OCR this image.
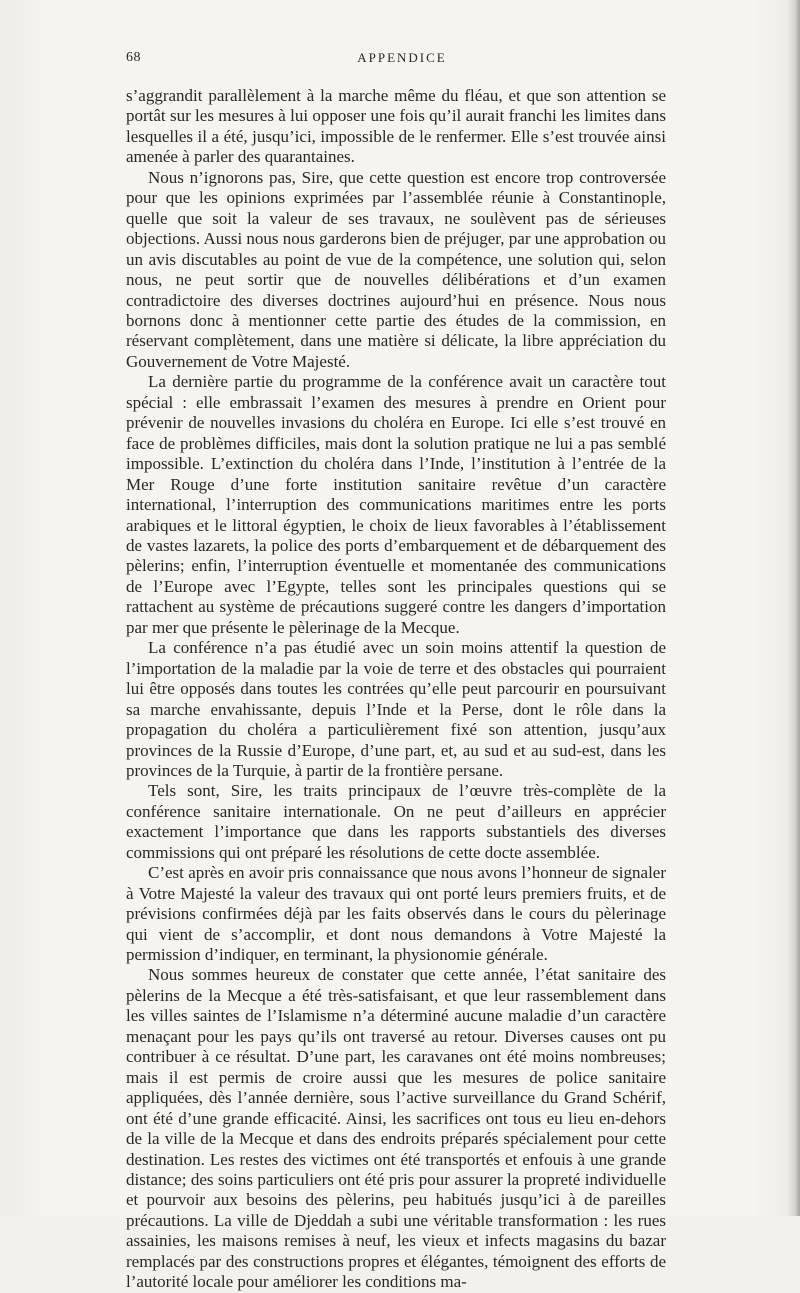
68	APPENDICE

s’aggrandit parallèlement à la marche même du fléau, et que son attention se portât sur les mesures à lui opposer une fois qu’il aurait franchi les limites dans lesquelles il a été, jusqu’ici, impossible de le renfermer. Elle s’est trouvée ainsi amenée à parler des quarantaines.

Nous n’ignorons pas, Sire, que cette question est encore trop controversée pour que les opinions exprimées par l’assemblée réunie à Constantinople, quelle que soit la valeur de ses travaux, ne soulèvent pas de sérieuses objections. Aussi nous nous garderons bien de préjuger, par une approbation ou un avis discutables au point de vue de la compétence, une solution qui, selon nous, ne peut sortir que de nouvelles délibérations et d’un examen contradictoire des diverses doctrines aujourd’hui en présence. Nous nous bornons donc à mentionner cette partie des études de la commission, en réservant complètement, dans une matière si délicate, la libre appréciation du Gouvernement de Votre Majesté.

La dernière partie du programme de la conférence avait un caractère tout spécial : elle embrassait l’examen des mesures à prendre en Orient pour prévenir de nouvelles invasions du choléra en Europe. Ici elle s’est trouvé en face de problèmes difficiles, mais dont la solution pratique ne lui a pas semblé impossible. L’extinction du choléra dans l’Inde, l’institution à l’entrée de la Mer Rouge d’une forte institution sanitaire revêtue d’un caractère international, l’interruption des communications maritimes entre les ports arabiques et le littoral égyptien, le choix de lieux favorables à l’établissement de vastes lazarets, la police des ports d’embarquement et de débarquement des pèlerins; enfin, l’interruption éventuelle et momentanée des communications de l’Europe avec l’Egypte, telles sont les principales questions qui se rattachent au système de précautions suggeré contre les dangers d’importation par mer que présente le pèlerinage de la Mecque.

La conférence n’a pas étudié avec un soin moins attentif la question de l’importation de la maladie par la voie de terre et des obstacles qui pourraient lui être opposés dans toutes les contrées qu’elle peut parcourir en poursuivant sa marche envahissante, depuis l’Inde et la Perse, dont le rôle dans la propagation du choléra a particulièrement fixé son attention, jusqu’aux provinces de la Russie d’Europe, d’une part, et, au sud et au sud-est, dans les provinces de la Turquie, à partir de la frontière persane.

Tels sont, Sire, les traits principaux de l’œuvre très-complète de la conférence sanitaire internationale. On ne peut d’ailleurs en apprécier exactement l’importance que dans les rapports substantiels des diverses commissions qui ont préparé les résolutions de cette docte assemblée.

C’est après en avoir pris connaissance que nous avons l’honneur de signaler à Votre Majesté la valeur des travaux qui ont porté leurs premiers fruits, et de prévisions confirmées déjà par les faits observés dans le cours du pèlerinage qui vient de s’accomplir, et dont nous demandons à Votre Majesté la permission d’indiquer, en terminant, la physionomie générale.

Nous sommes heureux de constater que cette année, l’état sanitaire des pèlerins de la Mecque a été très-satisfaisant, et que leur rassemblement dans les villes saintes de l’Islamisme n’a déterminé aucune maladie d’un caractère menaçant pour les pays qu’ils ont traversé au retour. Diverses causes ont pu contribuer à ce résultat. D’une part, les caravanes ont été moins nombreuses; mais il est permis de croire aussi que les mesures de police sanitaire appliquées, dès l’année dernière, sous l’active surveillance du Grand Schérif, ont été d’une grande efficacité. Ainsi, les sacrifices ont tous eu lieu en-dehors de la ville de la Mecque et dans des endroits préparés spécialement pour cette destination. Les restes des victimes ont été transportés et enfouis à une grande distance; des soins particuliers ont été pris pour assurer la propreté individuelle et pourvoir aux besoins des pèlerins, peu habitués jusqu’ici à de pareilles précautions. La ville de Djeddah a subi une véritable transformation : les rues assainies, les maisons remises à neuf, les vieux et infects magasins du bazar remplacés par des constructions propres et élégantes, témoignent des efforts de l’autorité locale pour améliorer les conditions ma-
